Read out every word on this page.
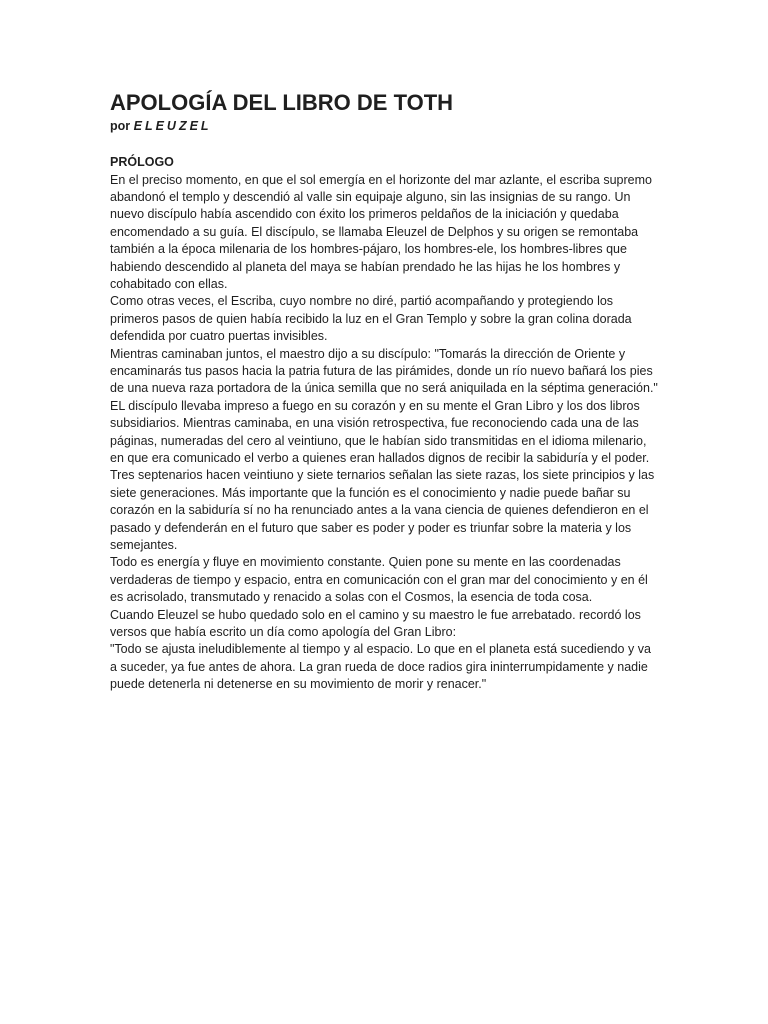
APOLOGÍA DEL LIBRO DE TOTH

por ELEUZEL

PRÓLOGO

En el preciso momento, en que el sol emergía en el horizonte del mar azlante, el escriba supremo abandonó el templo y descendió al valle sin equipaje alguno, sin las insignias de su rango. Un nuevo discípulo había ascendido con éxito los primeros peldaños de la iniciación y quedaba encomendado a su guía. El discípulo, se llamaba Eleuzel de Delphos y su origen se remontaba también a la época milenaria de los hombres-pájaro, los hombres-ele, los hombres-libres que habiendo descendido al planeta del maya se habían prendado he las hijas he los hombres y cohabitado con ellas.

Como otras veces, el Escriba, cuyo nombre no diré, partió acompañando y protegiendo los primeros pasos de quien había recibido la luz en el Gran Templo y sobre la gran colina dorada defendida por cuatro puertas invisibles.

Mientras caminaban juntos, el maestro dijo a su discípulo: "Tomarás la dirección de Oriente y encaminarás tus pasos hacia la patria futura de las pirámides, donde un río nuevo bañará los pies de una nueva raza portadora de la única semilla que no será aniquilada en la séptima generación."

EL discípulo llevaba impreso a fuego en su corazón y en su mente el Gran Libro y los dos libros subsidiarios. Mientras caminaba, en una visión retrospectiva, fue reconociendo cada una de las páginas, numeradas del cero al veintiuno, que le habían sido transmitidas en el idioma milenario, en que era comunicado el verbo a quienes eran hallados dignos de recibir la sabiduría y el poder.

Tres septenarios hacen veintiuno y siete ternarios señalan las siete razas, los siete principios y las siete generaciones. Más importante que la función es el conocimiento y nadie puede bañar su corazón en la sabiduría sí no ha renunciado antes a la vana ciencia de quienes defendieron en el pasado y defenderán en el futuro que saber es poder y poder es triunfar sobre la materia y los semejantes.

Todo es energía y fluye en movimiento constante. Quien pone su mente en las coordenadas verdaderas de tiempo y espacio, entra en comunicación con el gran mar del conocimiento y en él es acrisolado, transmutado y renacido a solas con el Cosmos, la esencia de toda cosa.

Cuando Eleuzel se hubo quedado solo en el camino y su maestro le fue arrebatado. recordó los versos que había escrito un día como apología del Gran Libro:

"Todo se ajusta ineludiblemente al tiempo y al espacio. Lo que en el planeta está sucediendo y va a suceder, ya fue antes de ahora. La gran rueda de doce radios gira ininterrumpidamente y nadie puede detenerla ni detenerse en su movimiento de morir y renacer."
